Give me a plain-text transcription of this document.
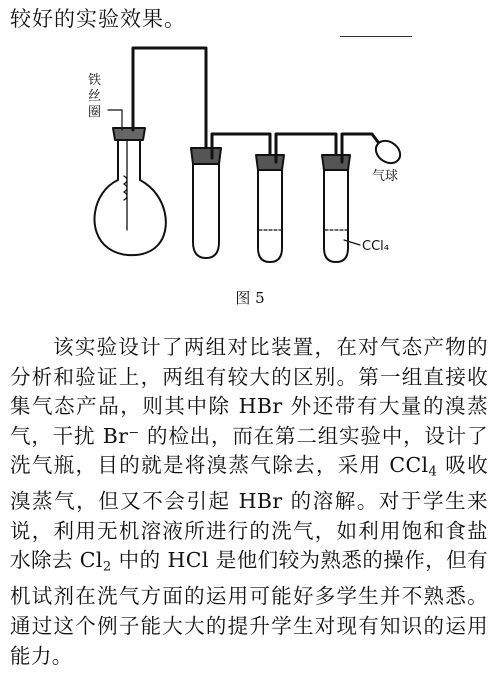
较好的实验效果。
铁
丝
圈
气球
CCl₄
图 5

该实验设计了两组对比装置，在对气态产物的分析和验证上，两组有较大的区别。第一组直接收集气态产品，则其中除 HBr 外还带有大量的溴蒸气，干扰 Br⁻ 的检出，而在第二组实验中，设计了洗气瓶，目的就是将溴蒸气除去，采用 CCl$_4$ 吸收溴蒸气，但又不会引起 HBr 的溶解。对于学生来说，利用无机溶液所进行的洗气，如利用饱和食盐水除去 $Cl_2$ 中的 HCl 是他们较为熟悉的操作，但有机试剂在洗气方面的运用可能好多学生并不熟悉。通过这个例子能大大的提升学生对现有知识的运用能力。
